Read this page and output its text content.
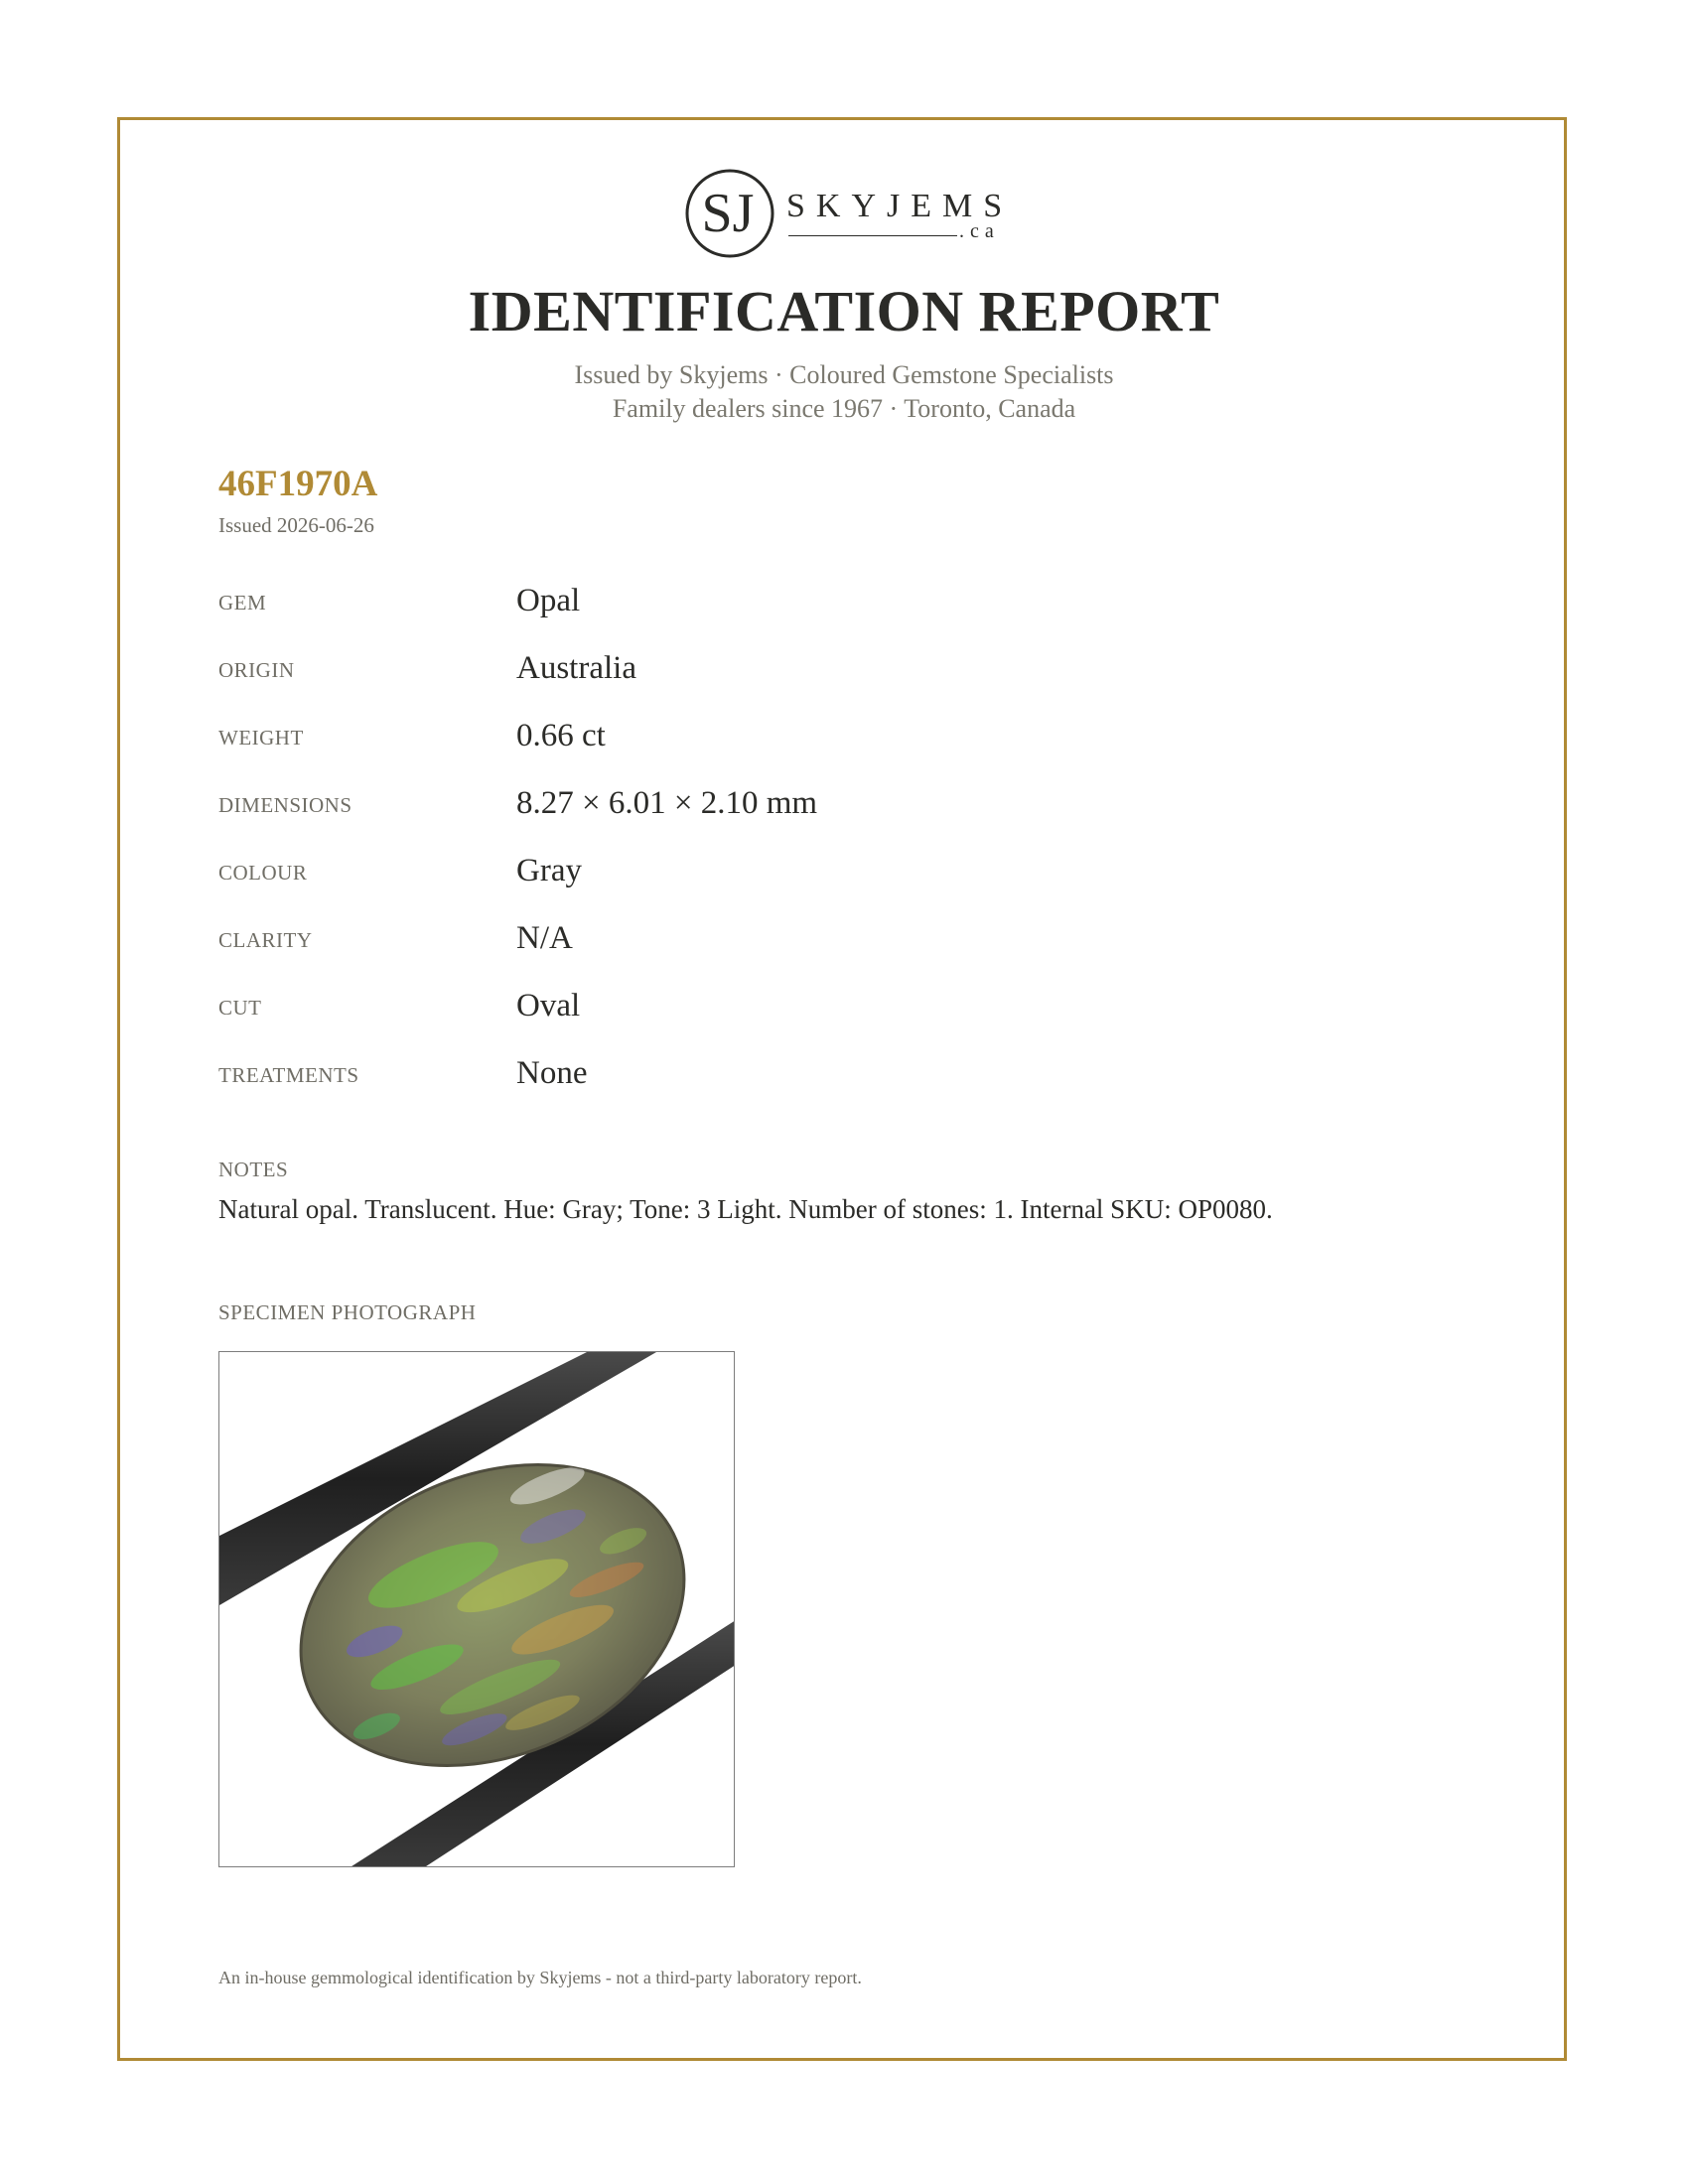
SJ SKYJEMS
.ca
IDENTIFICATION REPORT
Issued by Skyjems · Coloured Gemstone Specialists
Family dealers since 1967 · Toronto, Canada
46F1970A
Issued 2026-06-26
GEM	Opal
ORIGIN	Australia
WEIGHT	0.66 ct
DIMENSIONS	8.27 × 6.01 × 2.10 mm
COLOUR	Gray
CLARITY	N/A
CUT	Oval
TREATMENTS	None
NOTES
Natural opal. Translucent. Hue: Gray; Tone: 3 Light. Number of stones: 1. Internal SKU: OP0080.
SPECIMEN PHOTOGRAPH
An in-house gemmological identification by Skyjems - not a third-party laboratory report.
